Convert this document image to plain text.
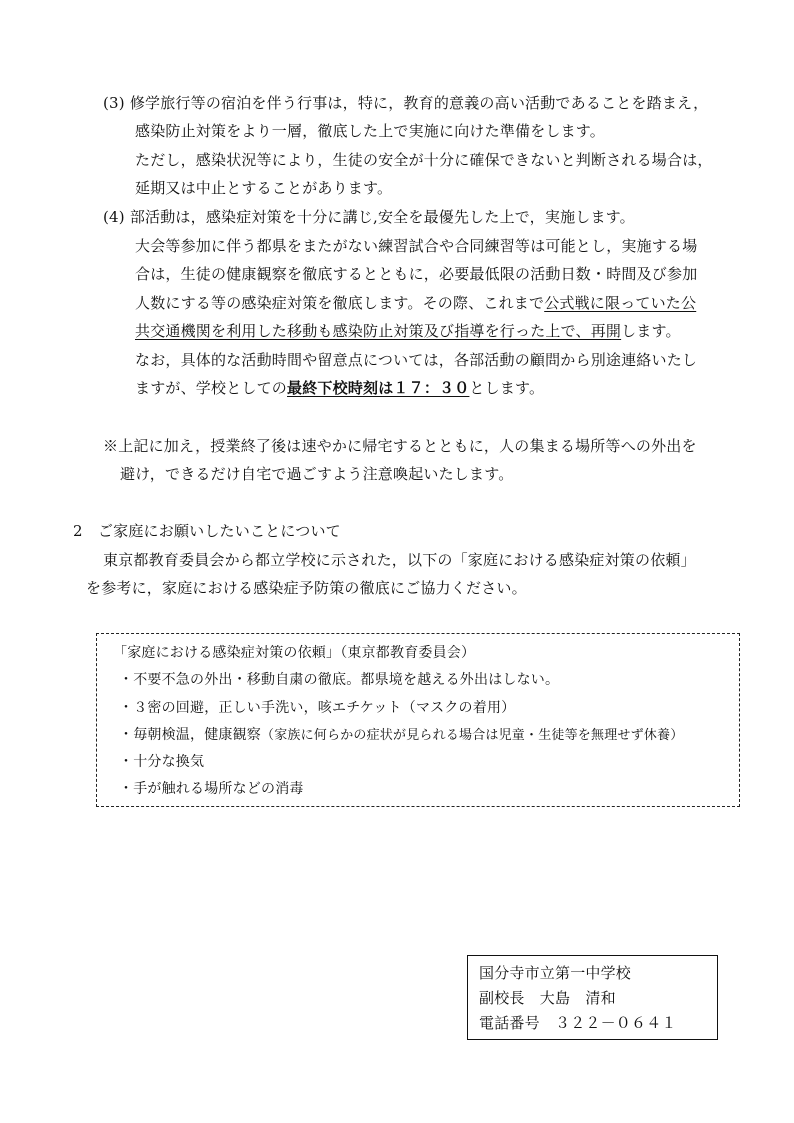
(3) 修学旅行等の宿泊を伴う行事は，特に，教育的意義の高い活動であることを踏まえ，
感染防止対策をより一層，徹底した上で実施に向けた準備をします。
ただし，感染状況等により，生徒の安全が十分に確保できないと判断される場合は，
延期又は中止とすることがあります。
(4) 部活動は，感染症対策を十分に講じ,安全を最優先した上で，実施します。
大会等参加に伴う都県をまたがない練習試合や合同練習等は可能とし，実施する場
合は，生徒の健康観察を徹底するとともに，必要最低限の活動日数・時間及び参加
人数にする等の感染症対策を徹底します。その際、これまで公式戦に限っていた公
共交通機関を利用した移動も感染防止対策及び指導を行った上で、再開します。
なお，具体的な活動時間や留意点については，各部活動の顧問から別途連絡いたし
ますが、学校としての最終下校時刻は１７：３０とします。
※上記に加え，授業終了後は速やかに帰宅するとともに，人の集まる場所等への外出を
避け，できるだけ自宅で過ごすよう注意喚起いたします。
2　ご家庭にお願いしたいことについて
東京都教育委員会から都立学校に示された，以下の「家庭における感染症対策の依頼」
を参考に，家庭における感染症予防策の徹底にご協力ください。
「家庭における感染症対策の依頼」（東京都教育委員会）
・不要不急の外出・移動自粛の徹底。都県境を越える外出はしない。
・３密の回避，正しい手洗い，咳エチケット（マスクの着用）
・毎朝検温，健康観察（家族に何らかの症状が見られる場合は児童・生徒等を無理せず休養）
・十分な換気
・手が触れる場所などの消毒
国分寺市立第一中学校
副校長　大島　清和
電話番号　３２２－０６４１
